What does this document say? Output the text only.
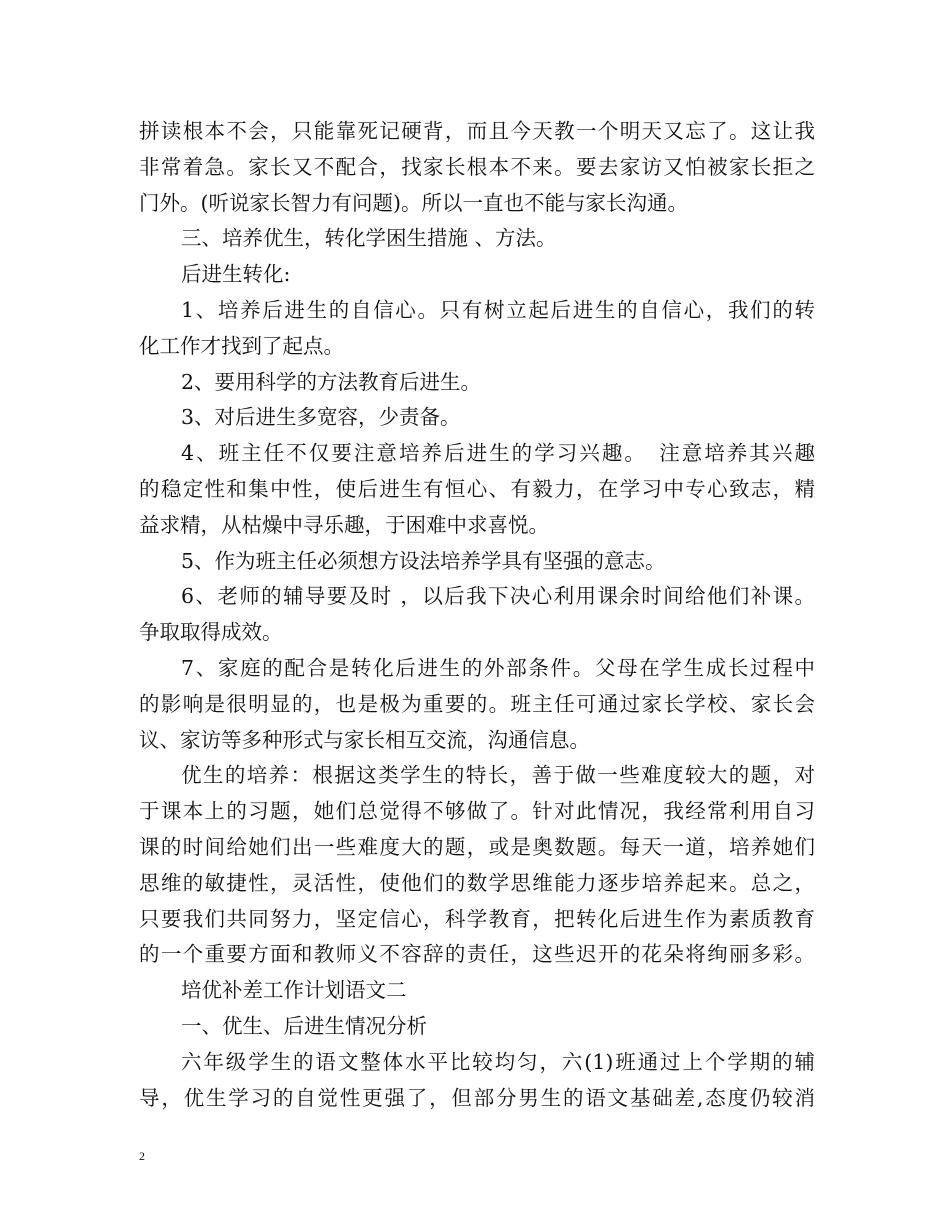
拼读根本不会，只能靠死记硬背，而且今天教一个明天又忘了。这让我
非常着急。家长又不配合，找家长根本不来。要去家访又怕被家长拒之
门外。(听说家长智力有问题)。所以一直也不能与家长沟通。
三、培养优生，转化学困生措施 、方法。
后进生转化:
1、培养后进生的自信心。只有树立起后进生的自信心，我们的转
化工作才找到了起点。
2、要用科学的方法教育后进生。
3、对后进生多宽容，少责备。
4、班主任不仅要注意培养后进生的学习兴趣。　注意培养其兴趣
的稳定性和集中性，使后进生有恒心、有毅力，在学习中专心致志，精
益求精，从枯燥中寻乐趣，于困难中求喜悦。
5、作为班主任必须想方设法培养学具有坚强的意志。
6、老师的辅导要及时 ，以后我下决心利用课余时间给他们补课。
争取取得成效。
7、家庭的配合是转化后进生的外部条件。父母在学生成长过程中
的影响是很明显的，也是极为重要的。班主任可通过家长学校、家长会
议、家访等多种形式与家长相互交流，沟通信息。
优生的培养：根据这类学生的特长，善于做一些难度较大的题，对
于课本上的习题，她们总觉得不够做了。针对此情况，我经常利用自习
课的时间给她们出一些难度大的题，或是奥数题。每天一道，培养她们
思维的敏捷性，灵活性，使他们的数学思维能力逐步培养起来。总之，
只要我们共同努力，坚定信心，科学教育，把转化后进生作为素质教育
的一个重要方面和教师义不容辞的责任，这些迟开的花朵将绚丽多彩。
培优补差工作计划语文二
一、优生、后进生情况分析
六年级学生的语文整体水平比较均匀，六(1)班通过上个学期的辅
导，优生学习的自觉性更强了，但部分男生的语文基础差,态度仍较消
2
